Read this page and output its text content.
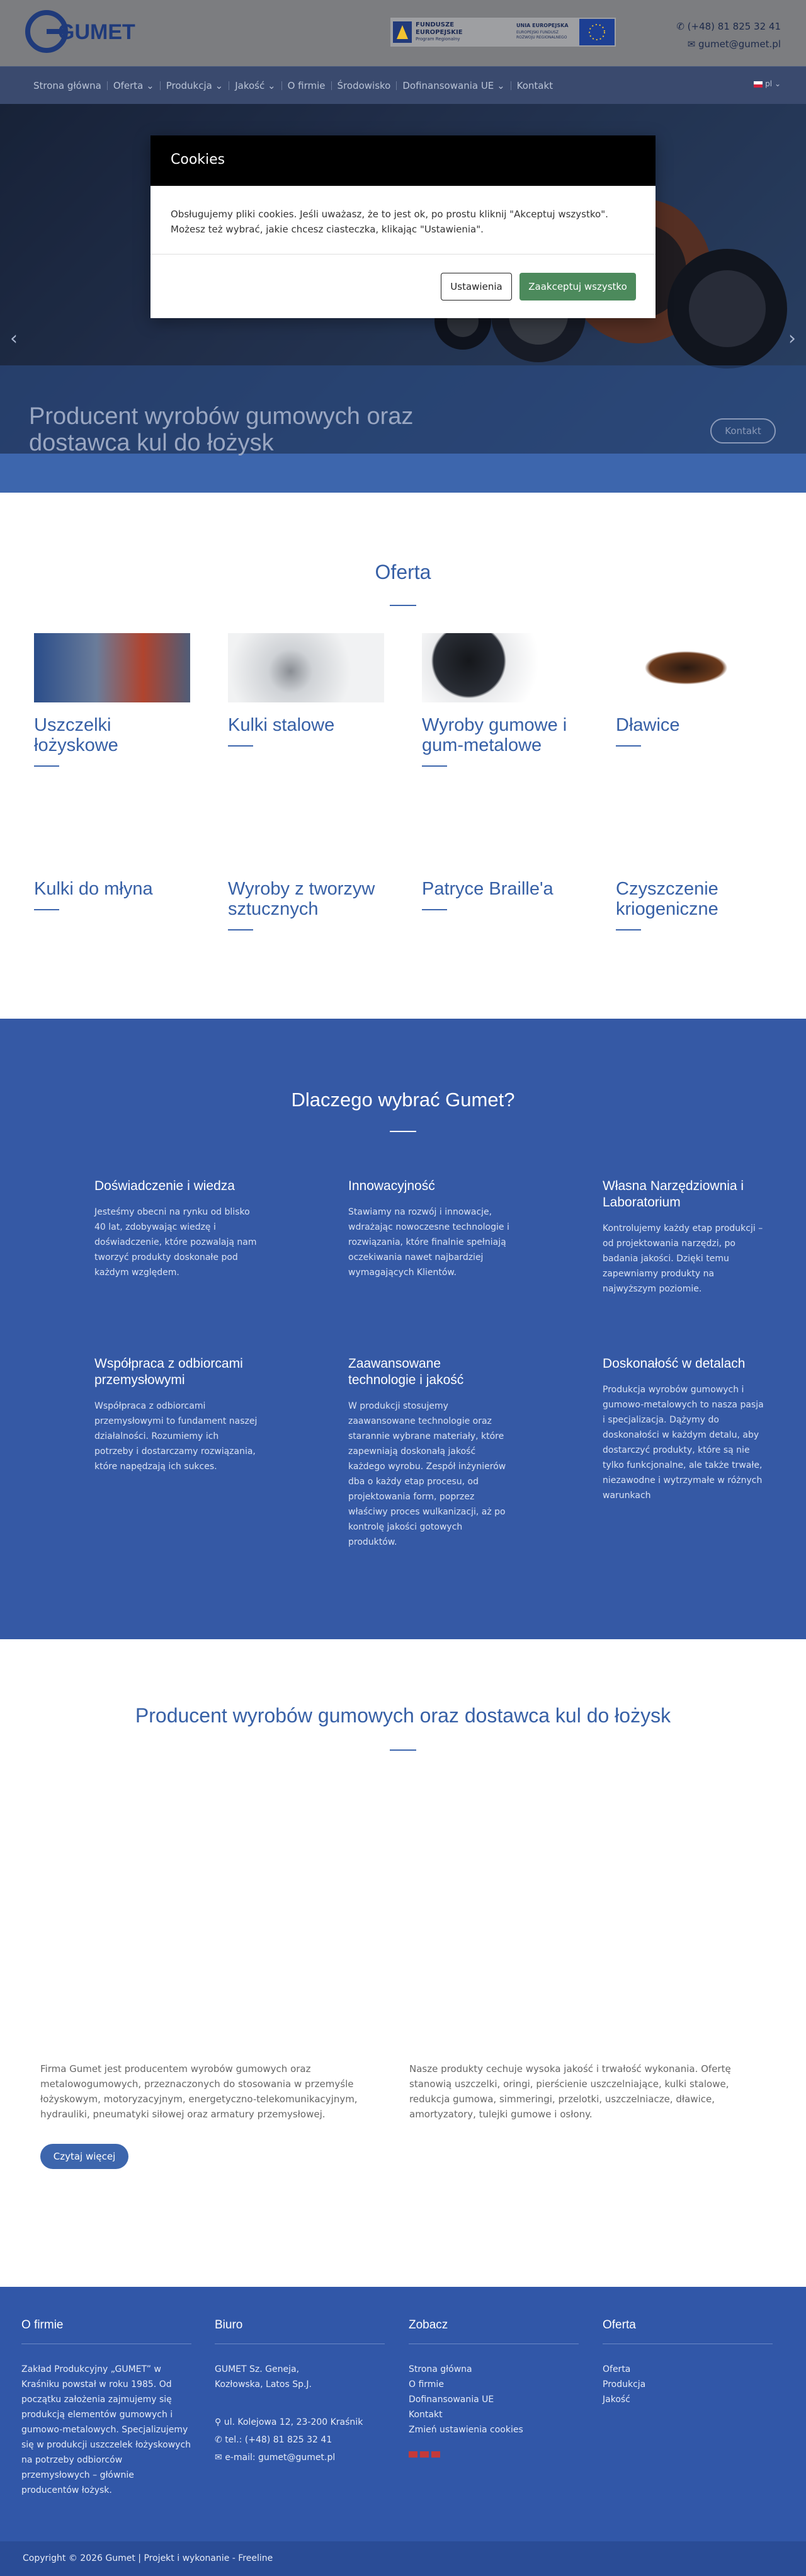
GUMET	FUNDUSZE EUROPEJSKIE
Program Regionalny
UNIA EUROPEJSKA
EUROPEJSKI FUNDUSZ ROZWOJU REGIONALNEGO
✆ (+48) 81 825 32 41
✉ gumet@gumet.pl
Strona główna	Oferta ⌄	Produkcja ⌄	Jakość ⌄	O firmie	Środowisko	Dofinansowania UE ⌄	Kontakt	pl ⌄
‹	›
Producent wyrobów gumowych oraz dostawca kul do łożysk	Kontakt
Cookies
Obsługujemy pliki cookies. Jeśli uważasz, że to jest ok, po prostu kliknij "Akceptuj wszystko". Możesz też wybrać, jakie chcesz ciasteczka, klikając "Ustawienia".
Ustawienia	Zaakceptuj wszystko
Oferta
Uszczelki łożyskowe
Kulki stalowe	Wyroby gumowe i gum-metalowe
Dławice
Kulki do młyna	Wyroby z tworzyw sztucznych
Patryce Braille'a	Czyszczenie kriogeniczne
Dlaczego wybrać Gumet?
Doświadczenie i wiedza
Jesteśmy obecni na rynku od blisko 40 lat, zdobywając wiedzę i doświadczenie, które pozwalają nam tworzyć produkty doskonałe pod każdym względem.
Innowacyjność
Stawiamy na rozwój i innowacje, wdrażając nowoczesne technologie i rozwiązania, które finalnie spełniają oczekiwania nawet najbardziej wymagających Klientów.
Własna Narzędziownia i Laboratorium
Kontrolujemy każdy etap produkcji – od projektowania narzędzi, po badania jakości. Dzięki temu zapewniamy produkty na najwyższym poziomie.
Współpraca z odbiorcami przemysłowymi
Współpraca z odbiorcami przemysłowymi to fundament naszej działalności. Rozumiemy ich potrzeby i dostarczamy rozwiązania, które napędzają ich sukces.
Zaawansowane technologie i jakość
W produkcji stosujemy zaawansowane technologie oraz starannie wybrane materiały, które zapewniają doskonałą jakość każdego wyrobu. Zespół inżynierów dba o każdy etap procesu, od projektowania form, poprzez właściwy proces wulkanizacji, aż po kontrolę jakości gotowych produktów.
Doskonałość w detalach
Produkcja wyrobów gumowych i gumowo-metalowych to nasza pasja i specjalizacja. Dążymy do doskonałości w każdym detalu, aby dostarczyć produkty, które są nie tylko funkcjonalne, ale także trwałe, niezawodne i wytrzymałe w różnych warunkach
Producent wyrobów gumowych oraz dostawca kul do łożysk
Firma Gumet jest producentem wyrobów gumowych oraz metalowogumowych, przeznaczonych do stosowania w przemyśle łożyskowym, motoryzacyjnym, energetyczno-telekomunikacyjnym, hydrauliki, pneumatyki siłowej oraz armatury przemysłowej.
Nasze produkty cechuje wysoka jakość i trwałość wykonania. Ofertę stanowią uszczelki, oringi, pierścienie uszczelniające, kulki stalowe, redukcja gumowa, simmeringi, przelotki, uszczelniacze, dławice, amortyzatory, tulejki gumowe i osłony.
Czytaj więcej
O firmie
Zakład Produkcyjny „GUMET” w Kraśniku powstał w roku 1985. Od początku założenia zajmujemy się produkcją elementów gumowych i gumowo-metalowych. Specjalizujemy się w produkcji uszczelek łożyskowych na potrzeby odbiorców przemysłowych – głównie producentów łożysk.
Biuro
GUMET Sz. Geneja, Kozłowska, Latos Sp.J.
⚲ ul. Kolejowa 12, 23-200 Kraśnik
✆ tel.: (+48) 81 825 32 41
✉ e-mail: gumet@gumet.pl
Zobacz
Strona główna
O firmie
Dofinansowania UE
Kontakt
Zmień ustawienia cookies
Oferta
Oferta
Produkcja
Jakość
Copyright © 2026 Gumet | Projekt i wykonanie - Freeline
